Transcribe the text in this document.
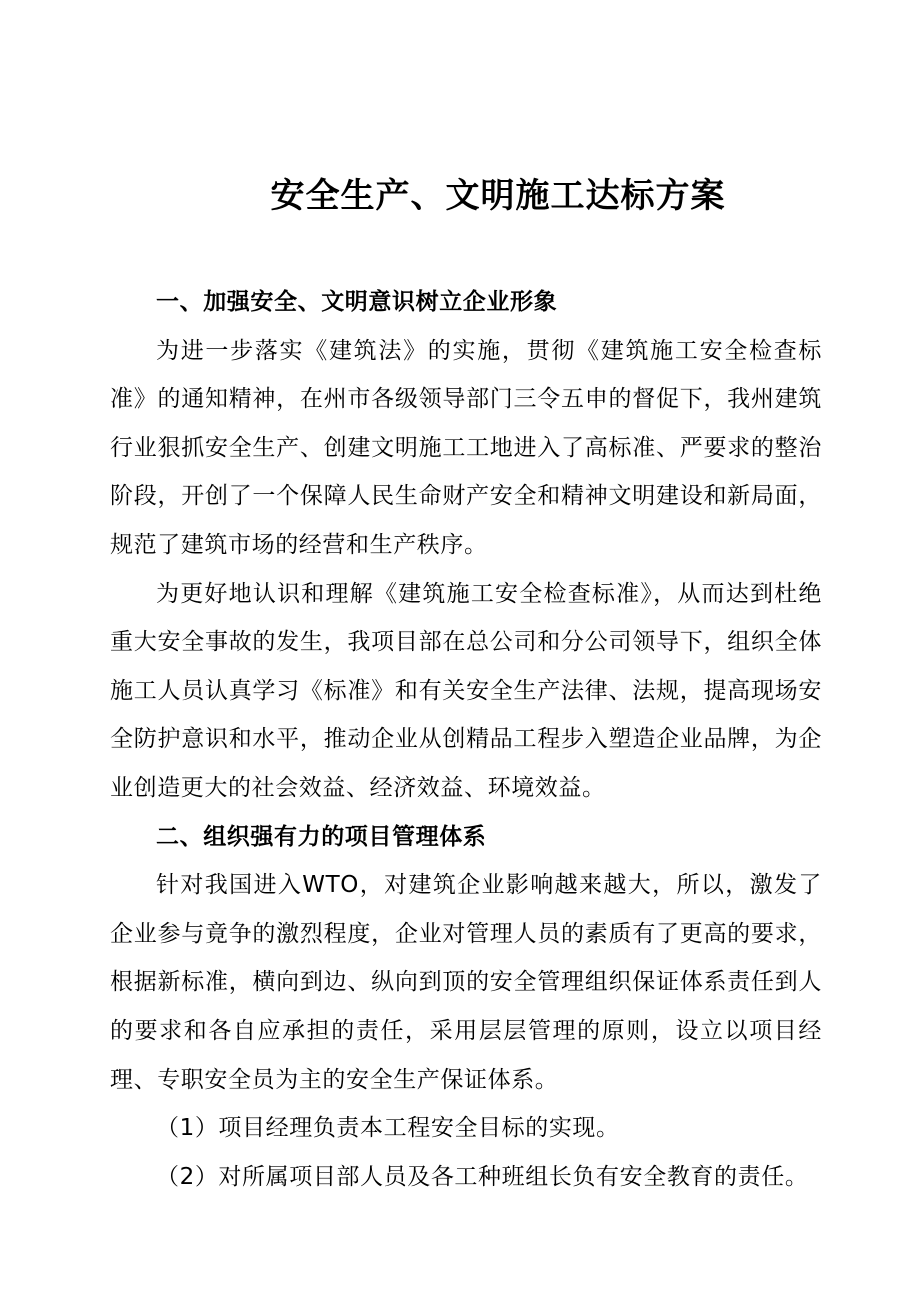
安全生产、文明施工达标方案

一、加强安全、文明意识树立企业形象

为进一步落实《建筑法》的实施，贯彻《建筑施工安全检查标准》的通知精神，在州市各级领导部门三令五申的督促下，我州建筑行业狠抓安全生产、创建文明施工工地进入了高标准、严要求的整治阶段，开创了一个保障人民生命财产安全和精神文明建设和新局面，规范了建筑市场的经营和生产秩序。

为更好地认识和理解《建筑施工安全检查标准》，从而达到杜绝重大安全事故的发生，我项目部在总公司和分公司领导下，组织全体施工人员认真学习《标准》和有关安全生产法律、法规，提高现场安全防护意识和水平，推动企业从创精品工程步入塑造企业品牌，为企业创造更大的社会效益、经济效益、环境效益。

二、组织强有力的项目管理体系

针对我国进入WTO，对建筑企业影响越来越大，所以，激发了企业参与竟争的激烈程度，企业对管理人员的素质有了更高的要求，根据新标准，横向到边、纵向到顶的安全管理组织保证体系责任到人的要求和各自应承担的责任，采用层层管理的原则，设立以项目经理、专职安全员为主的安全生产保证体系。

（1）项目经理负责本工程安全目标的实现。

（2）对所属项目部人员及各工种班组长负有安全教育的责任。
